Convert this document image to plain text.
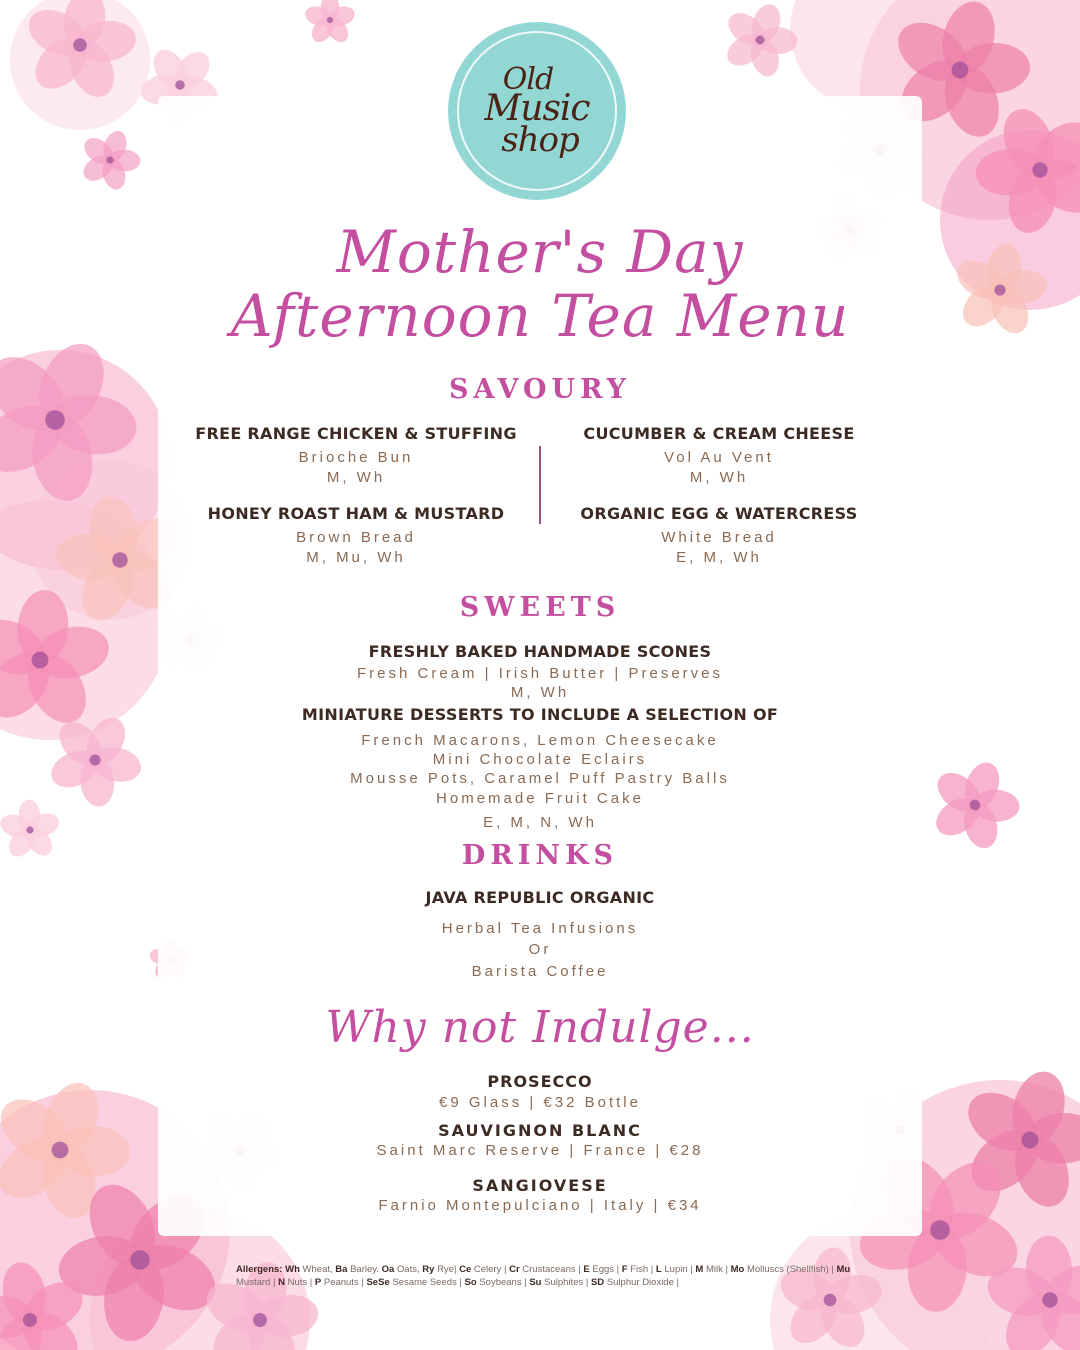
Old
Music
shop
Mother's Day
Afternoon Tea Menu
SAVOURY
FREE RANGE CHICKEN & STUFFING
Brioche Bun
M, Wh
CUCUMBER & CREAM CHEESE
Vol Au Vent
M, Wh
HONEY ROAST HAM & MUSTARD
Brown Bread
M, Mu, Wh
ORGANIC EGG & WATERCRESS
White Bread
E, M, Wh
SWEETS
FRESHLY BAKED HANDMADE SCONES
Fresh Cream | Irish Butter | Preserves
M, Wh
MINIATURE DESSERTS TO INCLUDE A SELECTION OF
French Macarons, Lemon Cheesecake
Mini Chocolate Eclairs
Mousse Pots, Caramel Puff Pastry Balls
Homemade Fruit Cake
E, M, N, Wh
DRINKS
JAVA REPUBLIC ORGANIC
Herbal Tea Infusions
Or
Barista Coffee
Why not Indulge...
PROSECCO
€9 Glass | €32 Bottle
SAUVIGNON BLANC
Saint Marc Reserve | France | €28
SANGIOVESE
Farnio Montepulciano | Italy | €34
Allergens: Wh Wheat, Ba Barley. Oa Oats, Ry Rye| Ce Celery | Cr Crustaceans | E Eggs | F Fish | L Lupin | M Milk | Mo Molluscs (Shellfish) | Mu Mustard | N Nuts | P Peanuts | SeSe Sesame Seeds | So Soybeans | Su Sulphites | SD Sulphur Dioxide |
